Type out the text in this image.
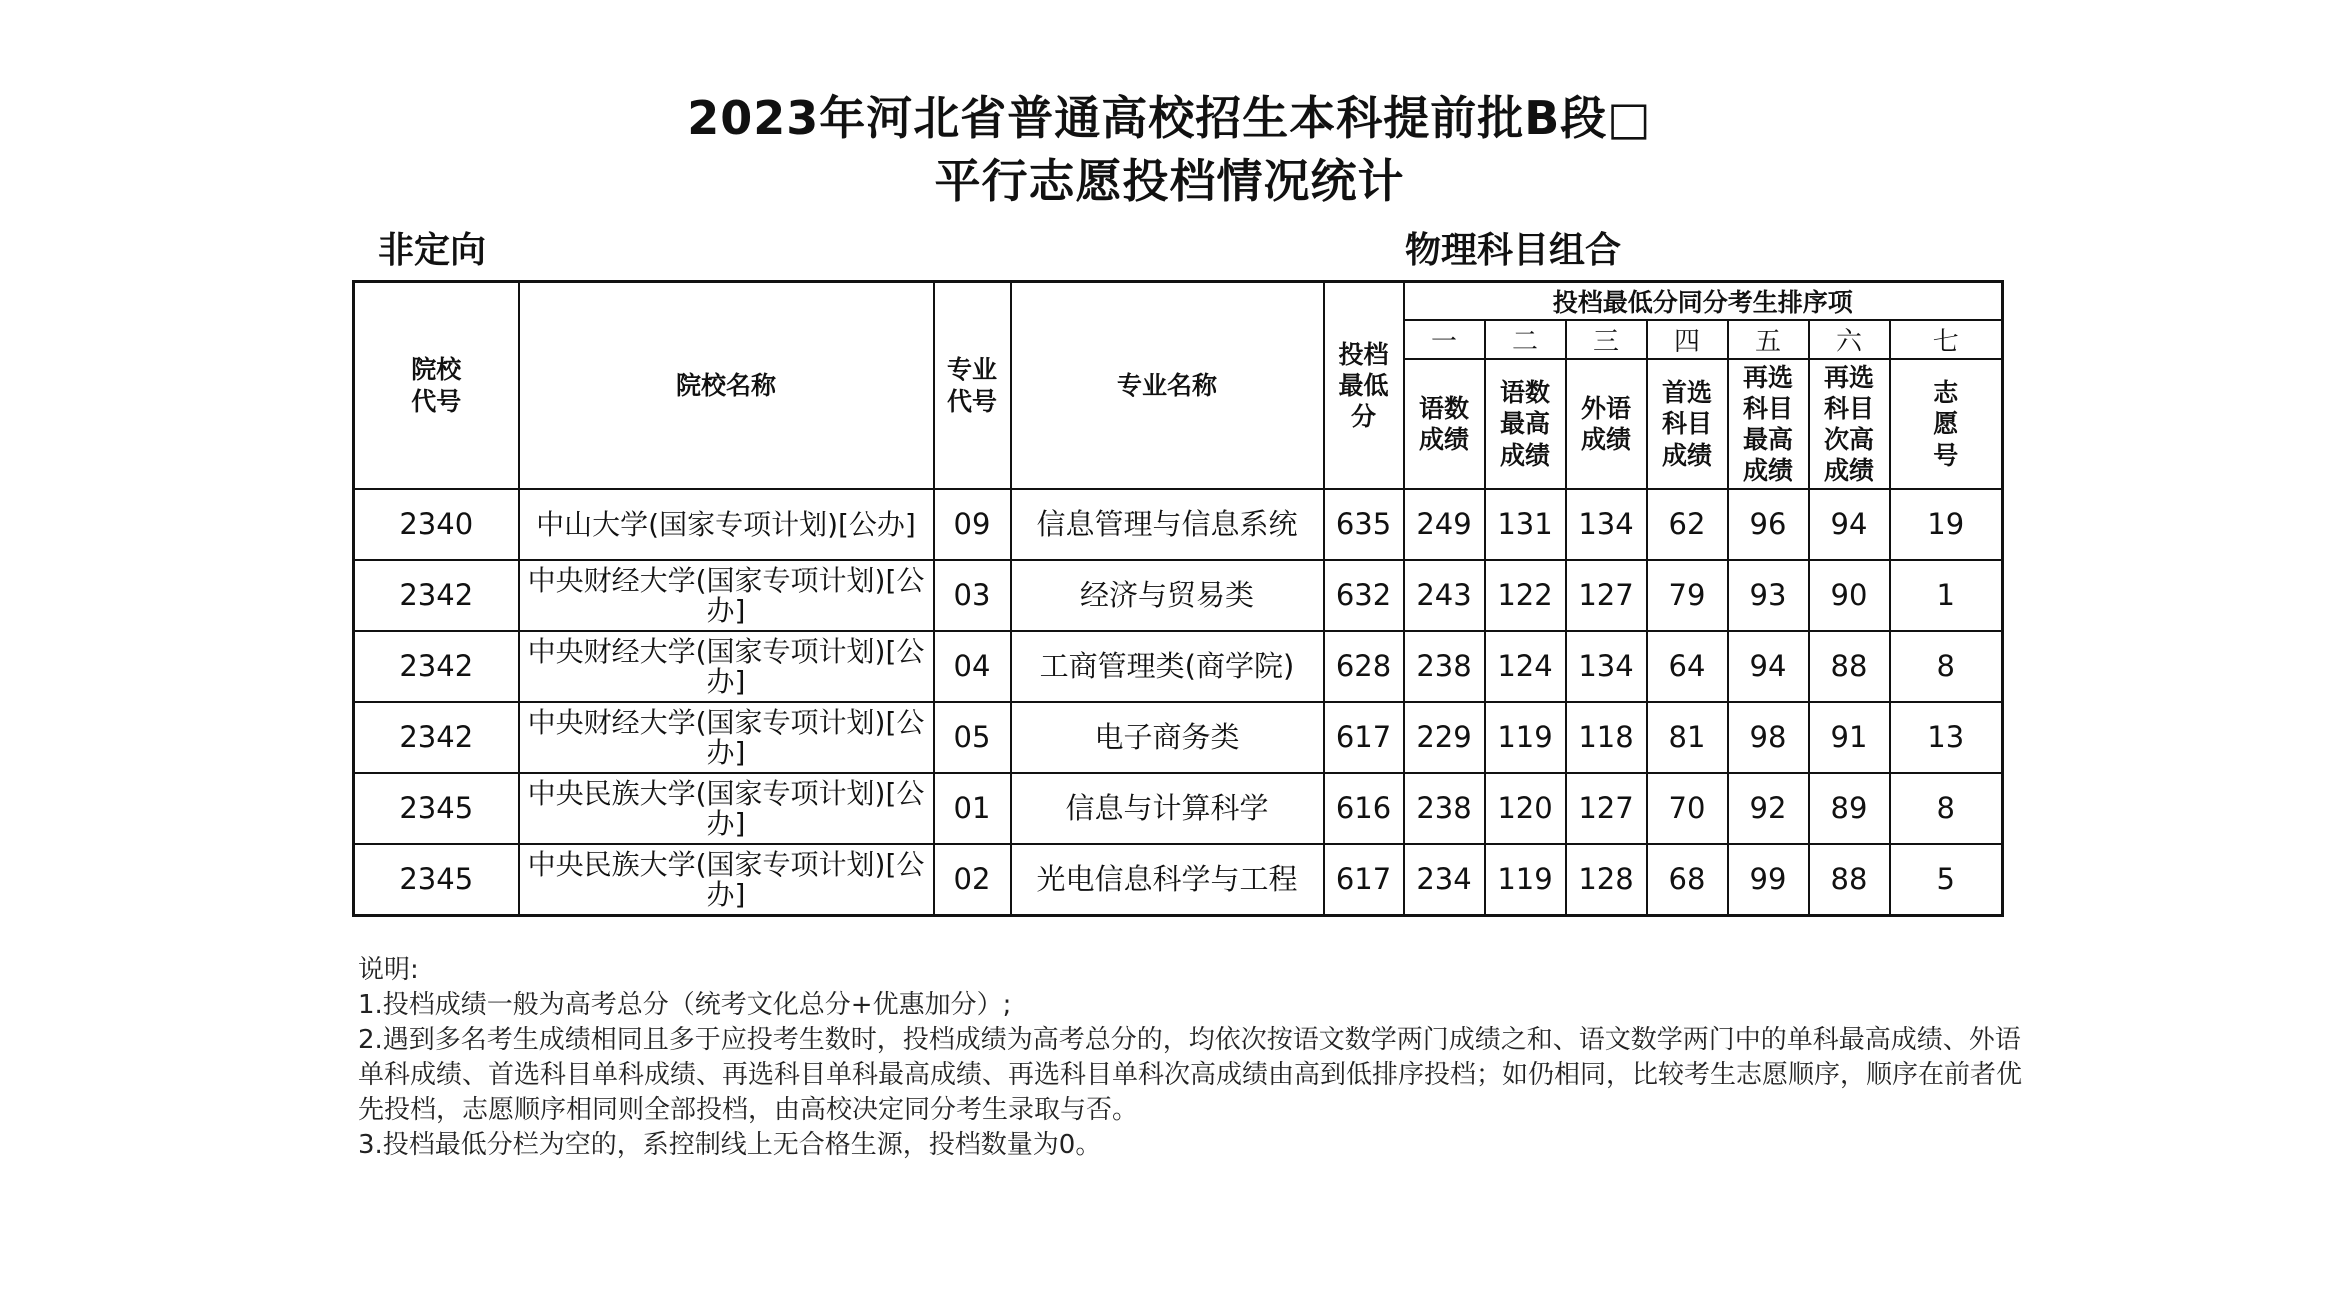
2023年河北省普通高校招生本科提前批B段□
平行志愿投档情况统计
非定向	物理科目组合
院校代号	院校名称	专业代号	专业名称	投档最低分	投档最低分同分考生排序项						
					一	二	三	四	五	六	七
					语数成绩	语数最高成绩	外语成绩	首选科目成绩	再选科目最高成绩	再选科目次高成绩	志愿号
2340	中山大学(国家专项计划)[公办]	09	信息管理与信息系统	635	249	131	134	62	96	94	19
2342	中央财经大学(国家专项计划)[公办]	03	经济与贸易类	632	243	122	127	79	93	90	1
2342	中央财经大学(国家专项计划)[公办]	04	工商管理类(商学院)	628	238	124	134	64	94	88	8
2342	中央财经大学(国家专项计划)[公办]	05	电子商务类	617	229	119	118	81	98	91	13
2345	中央民族大学(国家专项计划)[公办]	01	信息与计算科学	616	238	120	127	70	92	89	8
2345	中央民族大学(国家专项计划)[公办]	02	光电信息科学与工程	617	234	119	128	68	99	88	5

说明:

1.投档成绩一般为高考总分（统考文化总分+优惠加分）;

2.遇到多名考生成绩相同且多于应投考生数时，投档成绩为高考总分的，均依次按语文数学两门成绩之和、语文数学两门中的单科最高成绩、外语单科成绩、首选科目单科成绩、再选科目单科最高成绩、再选科目单科次高成绩由高到低排序投档；如仍相同，比较考生志愿顺序，顺序在前者优先投档，志愿顺序相同则全部投档，由高校决定同分考生录取与否。

3.投档最低分栏为空的，系控制线上无合格生源，投档数量为0。
